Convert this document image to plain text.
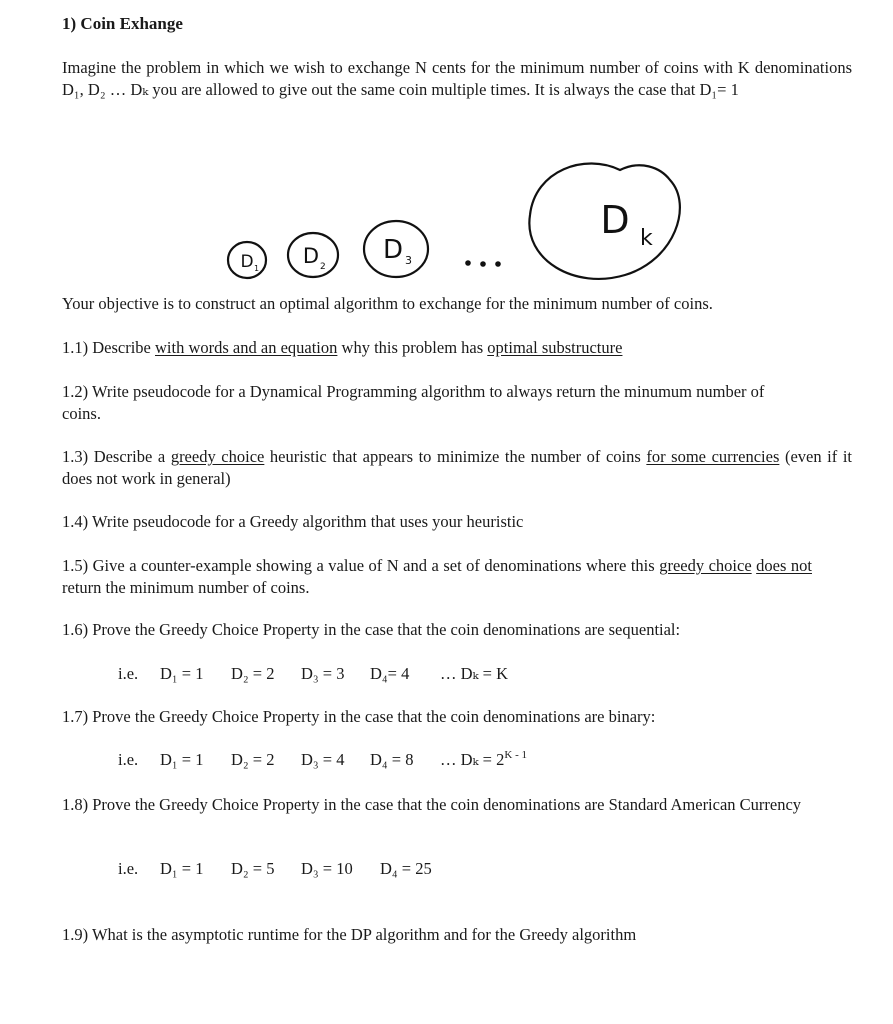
1) Coin Exhange
Imagine the problem in which we wish to exchange N cents for the minimum number of coins with K denominations D₁, D₂ … Dₖ you are allowed to give out the same coin multiple times. It is always the case that D₁= 1
D 1
D 2
D 3
D k
Your objective is to construct an optimal algorithm to exchange for the minimum number of coins.
1.1) Describe with words and an equation why this problem has optimal substructure
1.2) Write pseudocode for a Dynamical Programming algorithm to always return the minumum number of coins.
1.3) Describe a greedy choice heuristic that appears to minimize the number of coins for some currencies (even if it does not work in general)
1.4) Write pseudocode for a Greedy algorithm that uses your heuristic
1.5) Give a counter-example showing a value of N and a set of denominations where this greedy choice does not return the minimum number of coins.
1.6) Prove the Greedy Choice Property in the case that the coin denominations are sequential:
i.e. D₁ = 1 D₂ = 2 D₃ = 3 D₄= 4 … Dₖ = K
1.7) Prove the Greedy Choice Property in the case that the coin denominations are binary:
i.e. D₁ = 1 D₂ = 2 D₃ = 4 D₄ = 8 … $D_k = 2^{K - 1}$
1.8) Prove the Greedy Choice Property in the case that the coin denominations are Standard American Currency
i.e. D₁ = 1 D₂ = 5 D₃ = 10 D₄ = 25
1.9) What is the asymptotic runtime for the DP algorithm and for the Greedy algorithm
